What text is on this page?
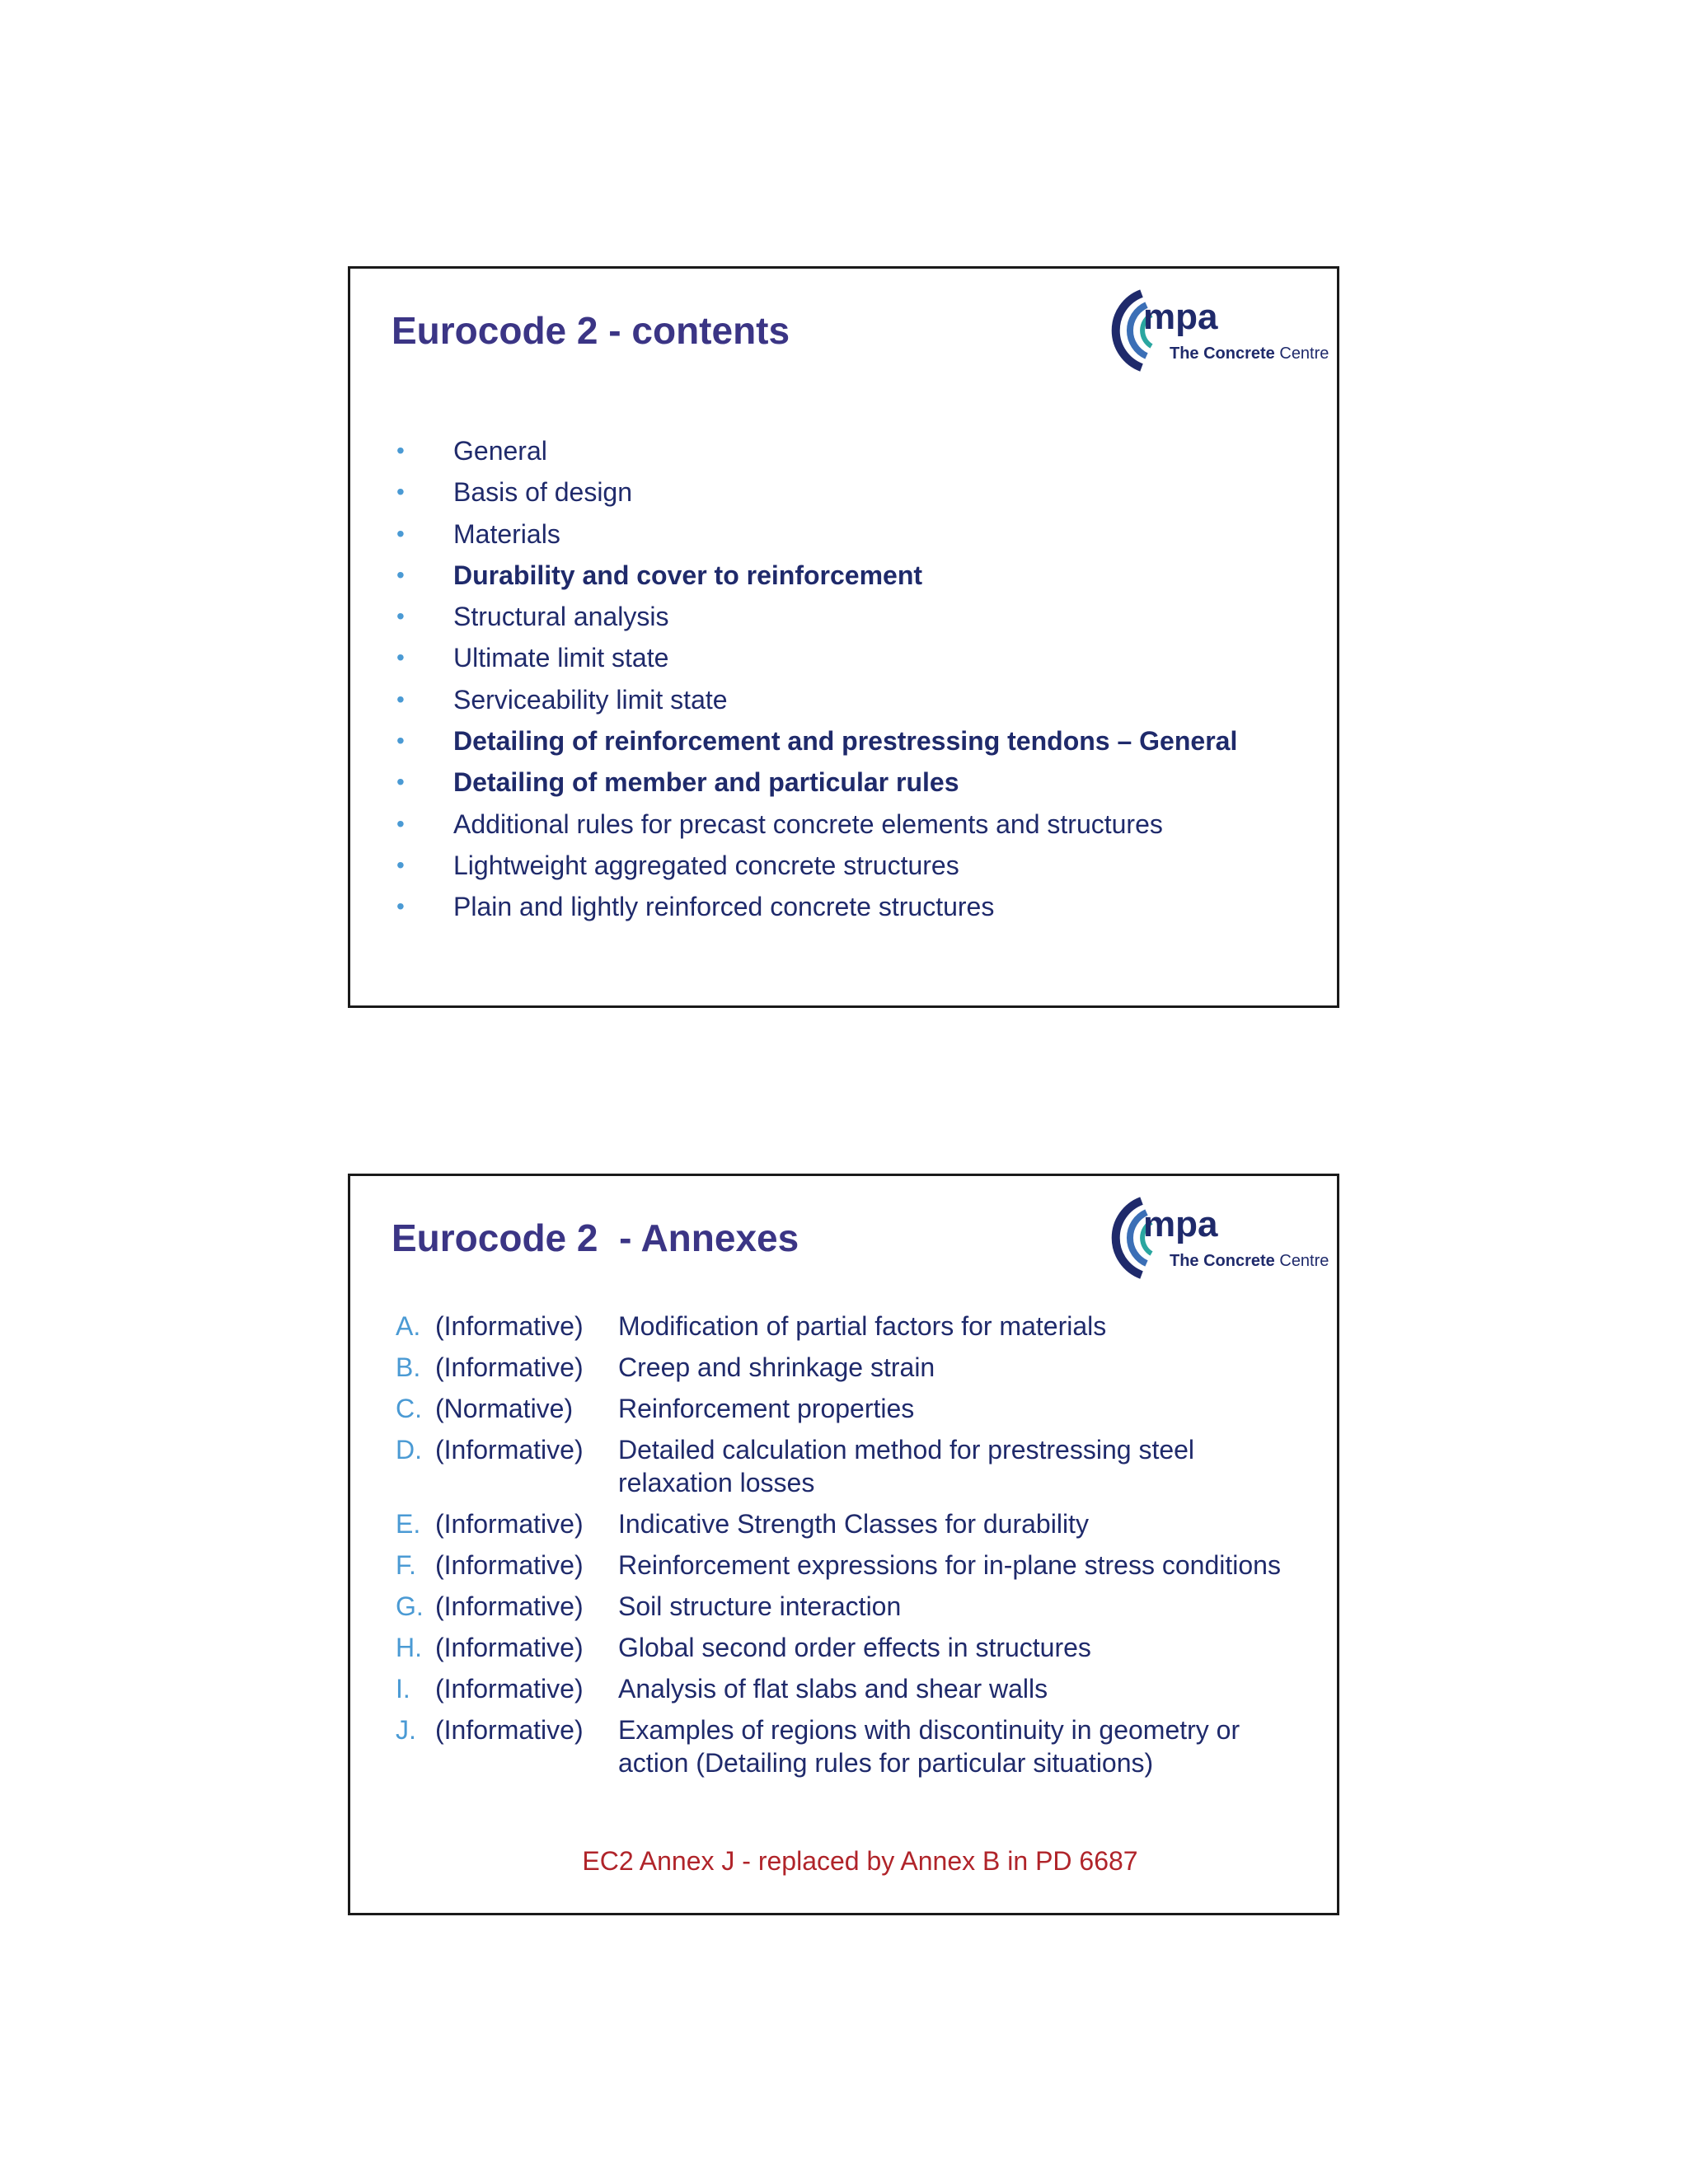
Eurocode 2 - contents	mpa
The Concrete Centre
• General
• Basis of design
• Materials
• Durability and cover to reinforcement
• Structural analysis
• Ultimate limit state
• Serviceability limit state
• Detailing of reinforcement and prestressing tendons – General
• Detailing of member and particular rules
• Additional rules for precast concrete elements and structures
• Lightweight aggregated concrete structures
• Plain and lightly reinforced concrete structures
Eurocode 2  - Annexes	mpa
The Concrete Centre
A. (Informative) Modification of partial factors for materials
B. (Informative) Creep and shrinkage strain
C. (Normative) Reinforcement properties
D. (Informative) Detailed calculation method for prestressing steel relaxation losses
E. (Informative) Indicative Strength Classes for durability
F. (Informative) Reinforcement expressions for in-plane stress conditions
G. (Informative) Soil structure interaction
H. (Informative) Global second order effects in structures
I. (Informative) Analysis of flat slabs and shear walls
J. (Informative) Examples of regions with discontinuity in geometry or action (Detailing rules for particular situations)
EC2 Annex J - replaced by Annex B in PD 6687
